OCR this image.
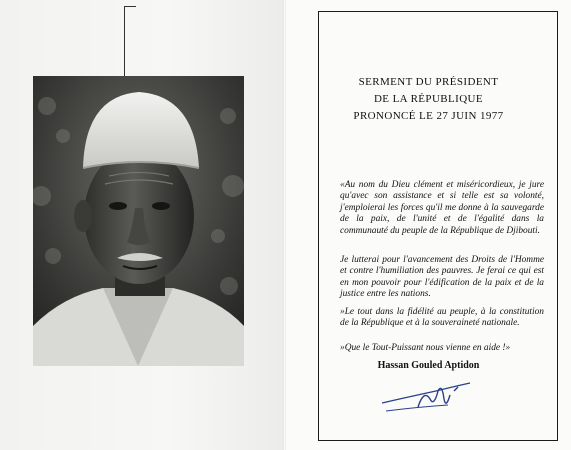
SERMENT DU PRÉSIDENT
DE LA RÉPUBLIQUE
PRONONCÉ LE 27 JUIN 1977

«Au nom du Dieu clément et miséricordieux, je jure qu'avec son assistance et si telle est sa volonté, j'emploierai les forces qu'il me donne à la sauvegarde de la paix, de l'unité et de l'égalité dans la communauté du peuple de la République de Djibouti.

Je lutterai pour l'avancement des Droits de l'Homme et contre l'humiliation des pauvres. Je ferai ce qui est en mon pouvoir pour l'édification de la paix et de la justice entre les nations.

»Le tout dans la fidélité au peuple, à la constitution de la République et à la souveraineté nationale.

»Que le Tout-Puissant nous vienne en aide !»

Hassan Gouled Aptidon
